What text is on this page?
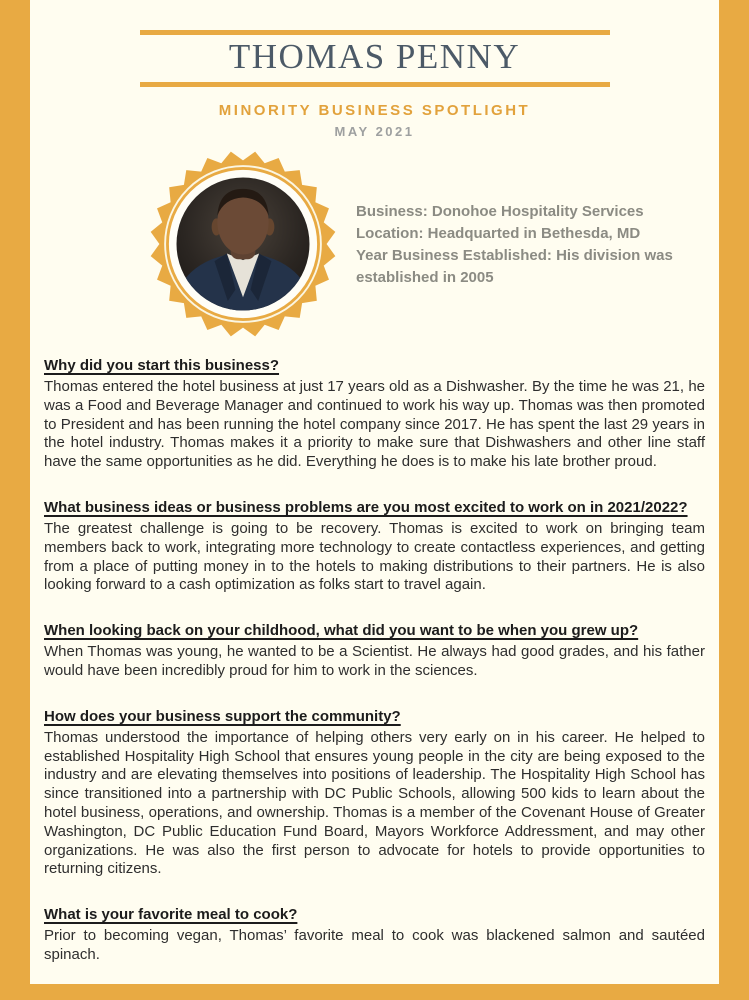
THOMAS PENNY
MINORITY BUSINESS SPOTLIGHT
MAY 2021
Business: Donohoe Hospitality Services
Location: Headquarted in Bethesda, MD
Year Business Established: His division was established in 2005
Why did you start this business?
Thomas entered the hotel business at just 17 years old as a Dishwasher. By the time he was 21, he was a Food and Beverage Manager and continued to work his way up. Thomas was then promoted to President and has been running the hotel company since 2017. He has spent the last 29 years in the hotel industry. Thomas makes it a priority to make sure that Dishwashers and other line staff have the same opportunities as he did. Everything he does is to make his late brother proud.
What business ideas or business problems are you most excited to work on in 2021/2022?
The greatest challenge is going to be recovery. Thomas is excited to work on bringing team members back to work, integrating more technology to create contactless experiences, and getting from a place of putting money in to the hotels to making distributions to their partners. He is also looking forward to a cash optimization as folks start to travel again.
When looking back on your childhood, what did you want to be when you grew up?
When Thomas was young, he wanted to be a Scientist. He always had good grades, and his father would have been incredibly proud for him to work in the sciences.
How does your business support the community?
Thomas understood the importance of helping others very early on in his career. He helped to established Hospitality High School that ensures young people in the city are being exposed to the industry and are elevating themselves into positions of leadership. The Hospitality High School has since transitioned into a partnership with DC Public Schools, allowing 500 kids to learn about the hotel business, operations, and ownership. Thomas is a member of the Covenant House of Greater Washington, DC Public Education Fund Board, Mayors Workforce Addressment, and may other organizations. He was also the first person to advocate for hotels to provide opportunities to returning citizens.
What is your favorite meal to cook?
Prior to becoming vegan, Thomas’ favorite meal to cook was blackened salmon and sautéed spinach.
